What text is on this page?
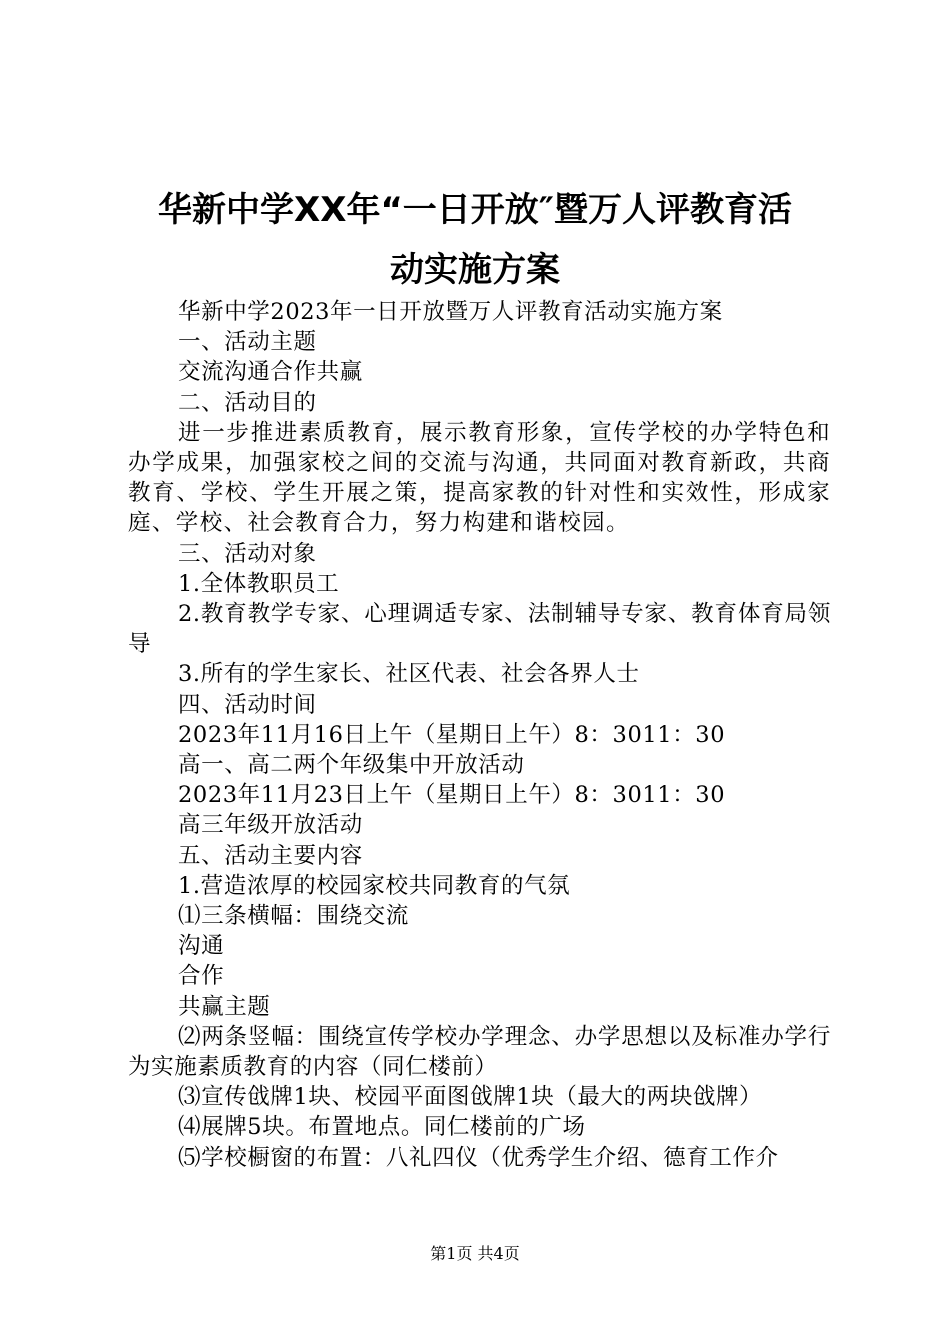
华新中学XX年“一日开放″暨万人评教育活
动实施方案

华新中学2023年一日开放暨万人评教育活动实施方案

一、活动主题

交流沟通合作共赢

二、活动目的

进一步推进素质教育，展示教育形象，宣传学校的办学特色和办学成果，加强家校之间的交流与沟通，共同面对教育新政，共商教育、学校、学生开展之策，提高家教的针对性和实效性，形成家庭、学校、社会教育合力，努力构建和谐校园。

三、活动对象

1.全体教职员工

2.教育教学专家、心理调适专家、法制辅导专家、教育体育局领导

3.所有的学生家长、社区代表、社会各界人士

四、活动时间

2023年11月16日上午（星期日上午）8：3011：30

高一、高二两个年级集中开放活动

2023年11月23日上午（星期日上午）8：3011：30

高三年级开放活动

五、活动主要内容

1.营造浓厚的校园家校共同教育的气氛

⑴三条横幅：围绕交流

沟通

合作

共赢主题

⑵两条竖幅：围绕宣传学校办学理念、办学思想以及标准办学行为实施素质教育的内容（同仁楼前）

⑶宣传戗牌1块、校园平面图戗牌1块（最大的两块戗牌）

⑷展牌5块。布置地点。同仁楼前的广场

⑸学校橱窗的布置：八礼四仪（优秀学生介绍、德育工作介

第1页 共4页
